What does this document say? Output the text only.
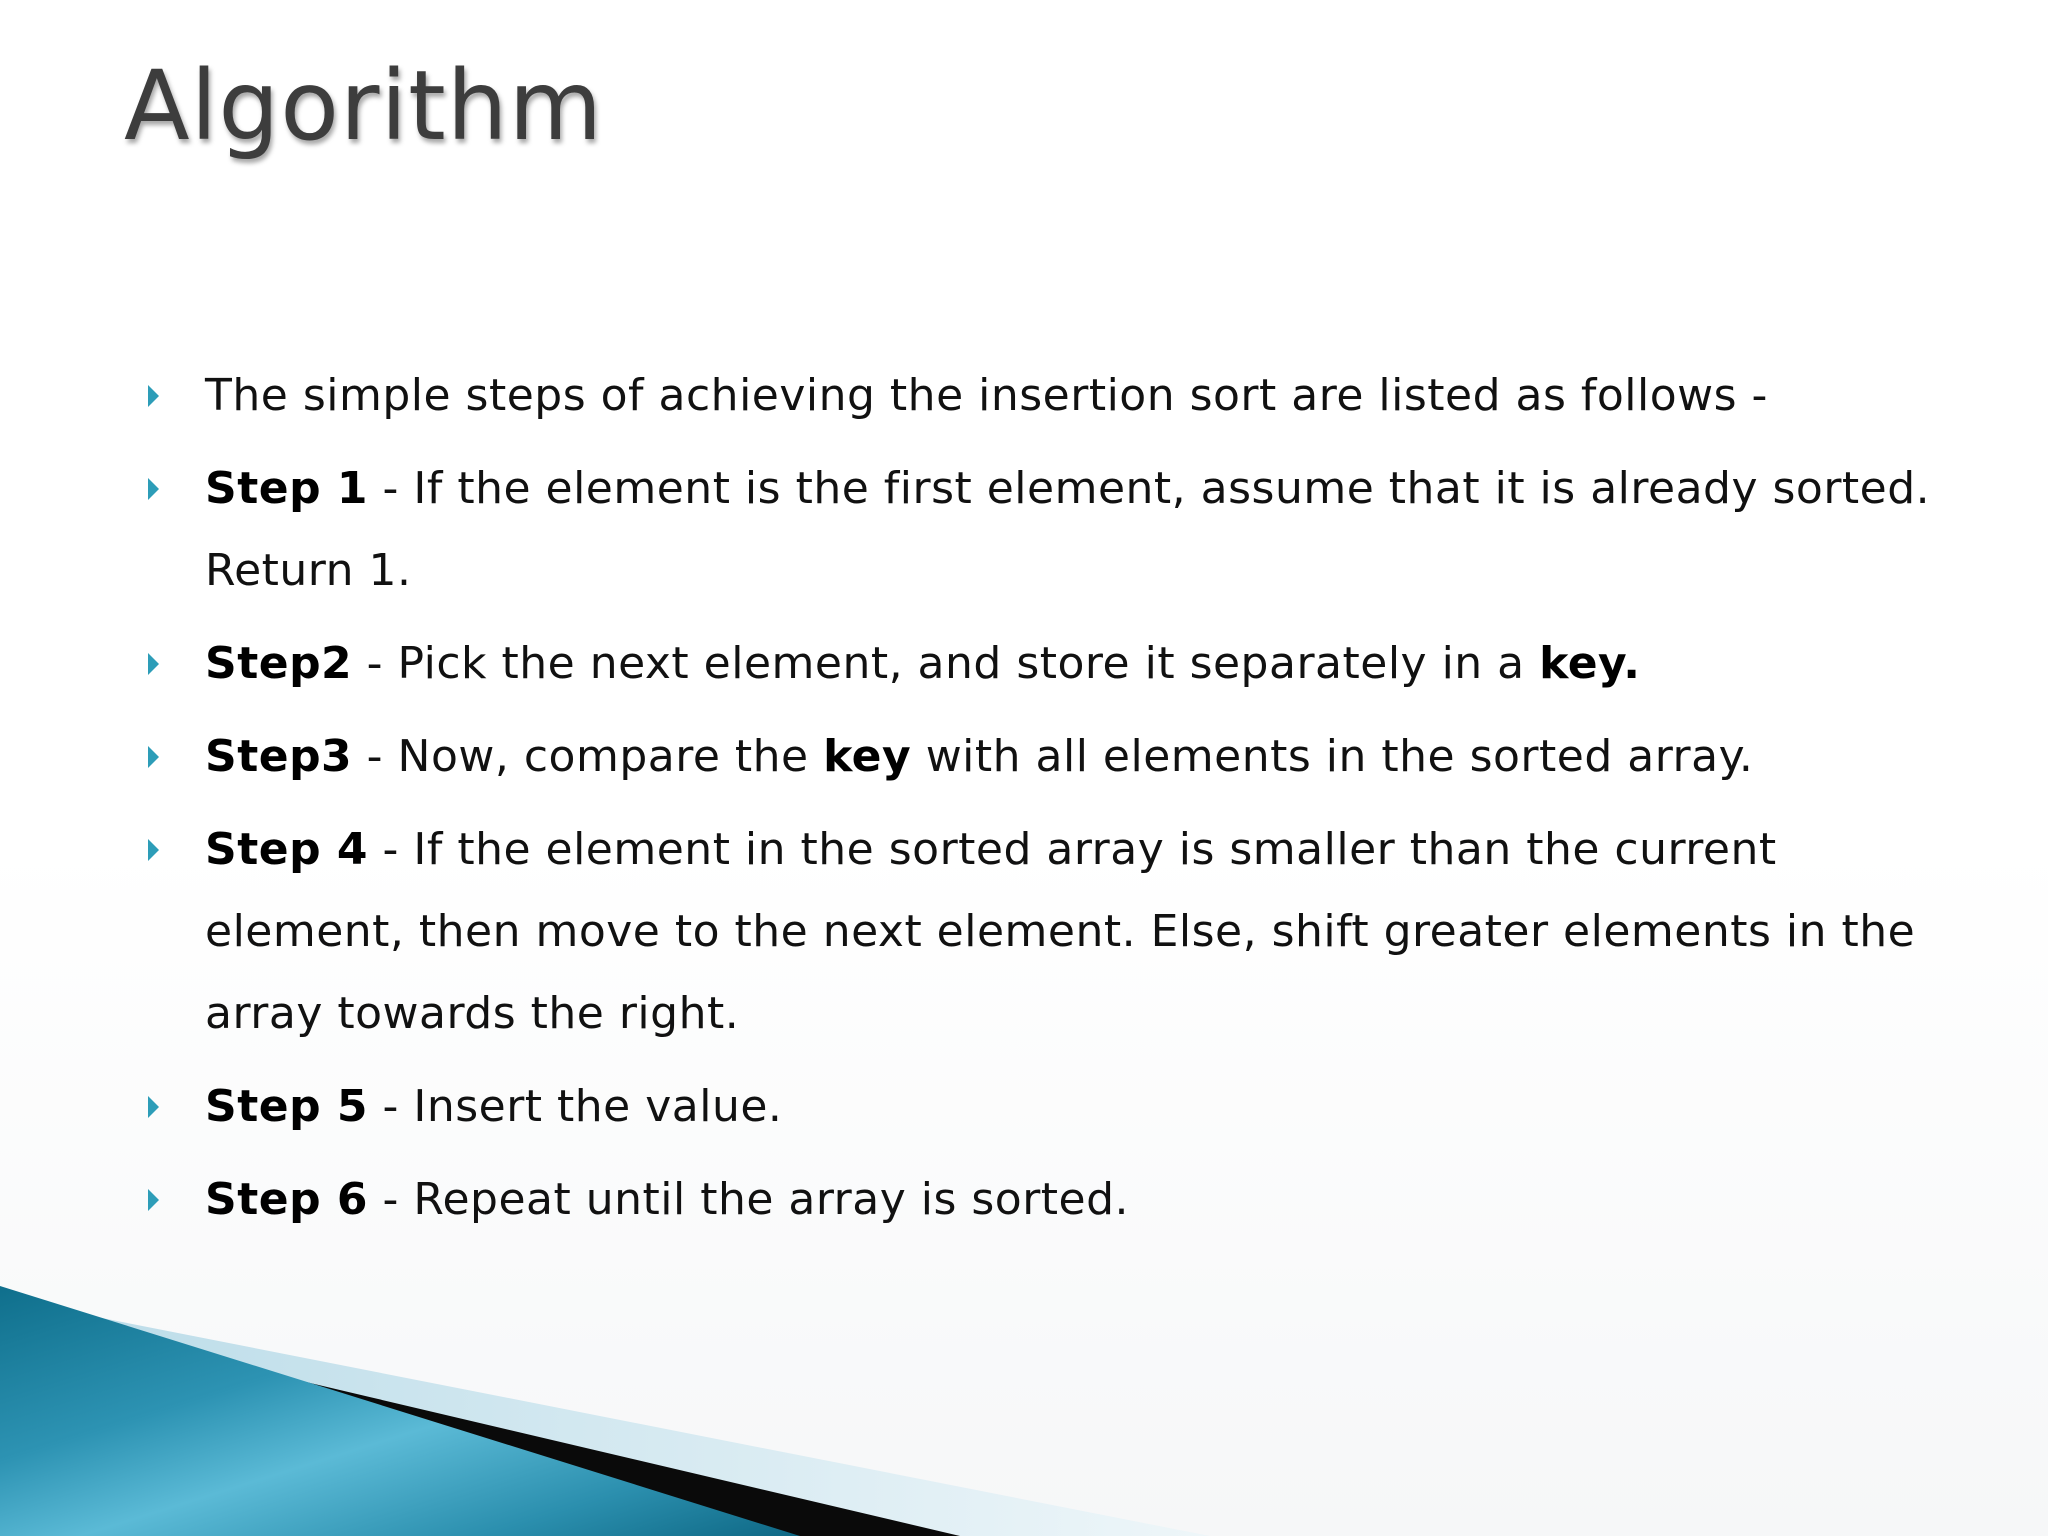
Algorithm
The simple steps of achieving the insertion sort are listed as follows -
Step 1 - If the element is the first element, assume that it is already sorted. Return 1.
Step2 - Pick the next element, and store it separately in a key.
Step3 - Now, compare the key with all elements in the sorted array.
Step 4 - If the element in the sorted array is smaller than the current element, then move to the next element. Else, shift greater elements in the array towards the right.
Step 5 - Insert the value.
Step 6 - Repeat until the array is sorted.
